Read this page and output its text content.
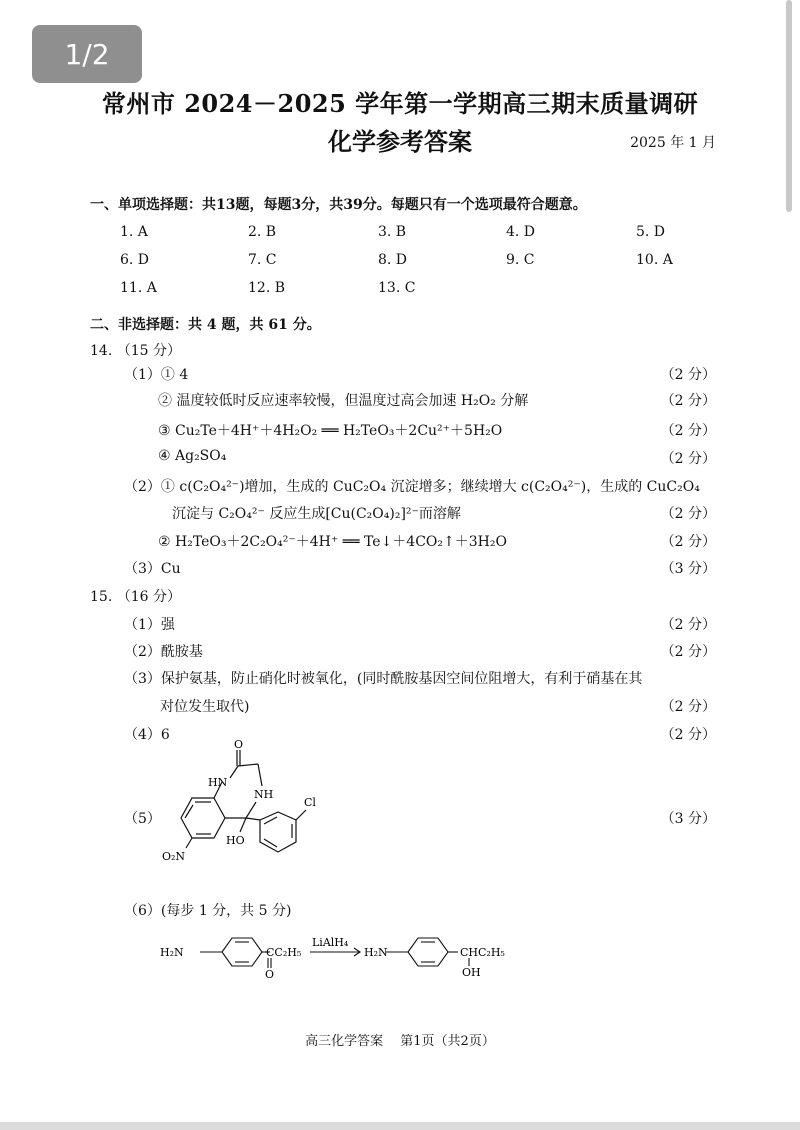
1/2
常州市 2024－2025 学年第一学期高三期末质量调研
化学参考答案	2025 年 1 月
一、单项选择题：共13题，每题3分，共39分。每题只有一个选项最符合题意。
1. A	2. B	3. B	4. D	5. D
6. D	7. C	8. D	9. C	10. A
11. A	12. B	13. C
二、非选择题：共 4 题，共 61 分。
14. （15 分）
（1）① 4	（2 分）
② 温度较低时反应速率较慢，但温度过高会加速 H₂O₂ 分解	（2 分）
③ Cu₂Te＋4H⁺＋4H₂O₂ ══ H₂TeO₃＋2Cu²⁺＋5H₂O	（2 分）
④ Ag₂SO₄	（2 分）
（2）① c(C₂O₄²⁻)增加，生成的 CuC₂O₄ 沉淀增多；继续增大 c(C₂O₄²⁻)，生成的 CuC₂O₄
沉淀与 C₂O₄²⁻ 反应生成[Cu(C₂O₄)₂]²⁻而溶解	（2 分）
② H₂TeO₃＋2C₂O₄²⁻＋4H⁺ ══ Te↓＋4CO₂↑＋3H₂O	（2 分）
（3）Cu	（3 分）
15. （16 分）
（1）强	（2 分）
（2）酰胺基	（2 分）
（3）保护氨基，防止硝化时被氧化，(同时酰胺基因空间位阻增大，有利于硝基在其
对位发生取代)	（2 分）
（4）6	（2 分）
（5）	（3 分）
O
HN
NH
Cl
HO
O₂N
（6）(每步 1 分，共 5 分)
H₂N	CC₂H₅
O
LiAlH₄
H₂N	CHC₂H₅
OH
高三化学答案　 第1页（共2页）
